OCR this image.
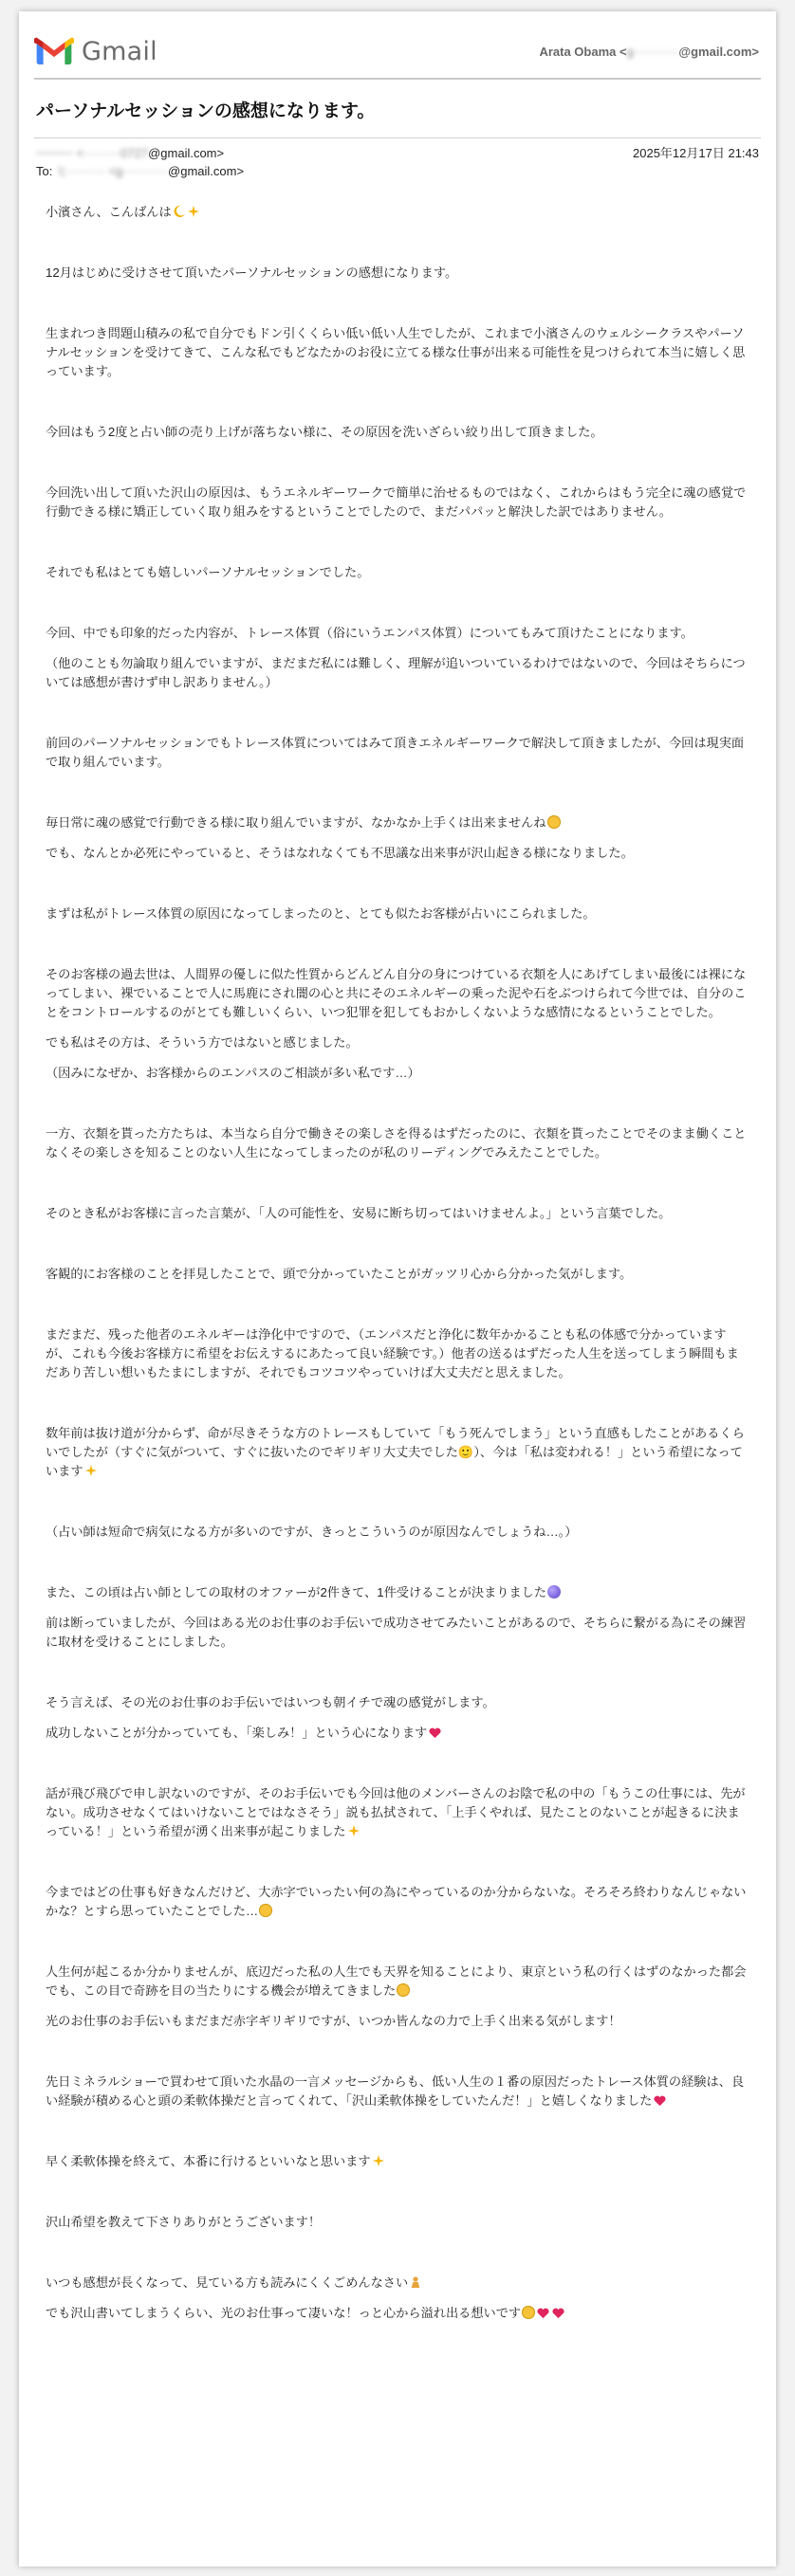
Gmail	Arata Obama <g···········@gmail.com>
パーソナルセッションの感想になります。
········· <·········0727@gmail.com>	2025年12月17日 21:43
To: ヒ········· <g···········@gmail.com>

小濱さん、こんばんは

12月はじめに受けさせて頂いたパーソナルセッションの感想になります。

生まれつき問題山積みの私で自分でもドン引くくらい低い低い人生でしたが、これまで小濱さんのウェルシークラスやパーソナルセッションを受けてきて、こんな私でもどなたかのお役に立てる様な仕事が出来る可能性を見つけられて本当に嬉しく思っています。

今回はもう2度と占い師の売り上げが落ちない様に、その原因を洗いざらい絞り出して頂きました。

今回洗い出して頂いた沢山の原因は、もうエネルギーワークで簡単に治せるものではなく、これからはもう完全に魂の感覚で行動できる様に矯正していく取り組みをするということでしたので、まだパパッと解決した訳ではありません。

それでも私はとても嬉しいパーソナルセッションでした。

今回、中でも印象的だった内容が、トレース体質（俗にいうエンパス体質）についてもみて頂けたことになります。

（他のことも勿論取り組んでいますが、まだまだ私には難しく、理解が追いついているわけではないので、今回はそちらについては感想が書けず申し訳ありません。）

前回のパーソナルセッションでもトレース体質についてはみて頂きエネルギーワークで解決して頂きましたが、今回は現実面で取り組んでいます。

毎日常に魂の感覚で行動できる様に取り組んでいますが、なかなか上手くは出来ませんね

でも、なんとか必死にやっていると、そうはなれなくても不思議な出来事が沢山起きる様になりました。

まずは私がトレース体質の原因になってしまったのと、とても似たお客様が占いにこられました。

そのお客様の過去世は、人間界の優しに似た性質からどんどん自分の身につけている衣類を人にあげてしまい最後には裸になってしまい、裸でいることで人に馬鹿にされ闇の心と共にそのエネルギーの乗った泥や石をぶつけられて今世では、自分のことをコントロールするのがとても難しいくらい、いつ犯罪を犯してもおかしくないような感情になるということでした。

でも私はその方は、そういう方ではないと感じました。

（因みになぜか、お客様からのエンパスのご相談が多い私です…）

一方、衣類を貰った方たちは、本当なら自分で働きその楽しさを得るはずだったのに、衣類を貰ったことでそのまま働くことなくその楽しさを知ることのない人生になってしまったのが私のリーディングでみえたことでした。

そのとき私がお客様に言った言葉が、「人の可能性を、安易に断ち切ってはいけませんよ。」という言葉でした。

客観的にお客様のことを拝見したことで、頭で分かっていたことがガッツリ心から分かった気がします。

まだまだ、残った他者のエネルギーは浄化中ですので、（エンパスだと浄化に数年かかることも私の体感で分かっていますが、これも今後お客様方に希望をお伝えするにあたって良い経験です。）他者の送るはずだった人生を送ってしまう瞬間もまだあり苦しい想いもたまにしますが、それでもコツコツやっていけば大丈夫だと思えました。

数年前は抜け道が分からず、命が尽きそうな方のトレースもしていて「もう死んでしまう」という直感もしたことがあるくらいでしたが（すぐに気がついて、すぐに抜いたのでギリギリ大丈夫でした🙂）、今は「私は変われる！」という希望になっています

（占い師は短命で病気になる方が多いのですが、きっとこういうのが原因なんでしょうね…。）

また、この頃は占い師としての取材のオファーが2件きて、1件受けることが決まりました

前は断っていましたが、今回はある光のお仕事のお手伝いで成功させてみたいことがあるので、そちらに繋がる為にその練習に取材を受けることにしました。

そう言えば、その光のお仕事のお手伝いではいつも朝イチで魂の感覚がします。

成功しないことが分かっていても、「楽しみ！」という心になります

話が飛び飛びで申し訳ないのですが、そのお手伝いでも今回は他のメンバーさんのお陰で私の中の「もうこの仕事には、先がない。成功させなくてはいけないことではなさそう」説も払拭されて、「上手くやれば、見たことのないことが起きるに決まっている！」という希望が湧く出来事が起こりました

今まではどの仕事も好きなんだけど、大赤字でいったい何の為にやっているのか分からないな。そろそろ終わりなんじゃないかな？とすら思っていたことでした…

人生何が起こるか分かりませんが、底辺だった私の人生でも天界を知ることにより、東京という私の行くはずのなかった都会でも、この目で奇跡を目の当たりにする機会が増えてきました

光のお仕事のお手伝いもまだまだ赤字ギリギリですが、いつか皆んなの力で上手く出来る気がします！

先日ミネラルショーで買わせて頂いた水晶の一言メッセージからも、低い人生の１番の原因だったトレース体質の経験は、良い経験が積める心と頭の柔軟体操だと言ってくれて、「沢山柔軟体操をしていたんだ！」と嬉しくなりました

早く柔軟体操を終えて、本番に行けるといいなと思います

沢山希望を教えて下さりありがとうございます！

いつも感想が長くなって、見ている方も読みにくくごめんなさい

でも沢山書いてしまうくらい、光のお仕事って凄いな！っと心から溢れ出る想いです
